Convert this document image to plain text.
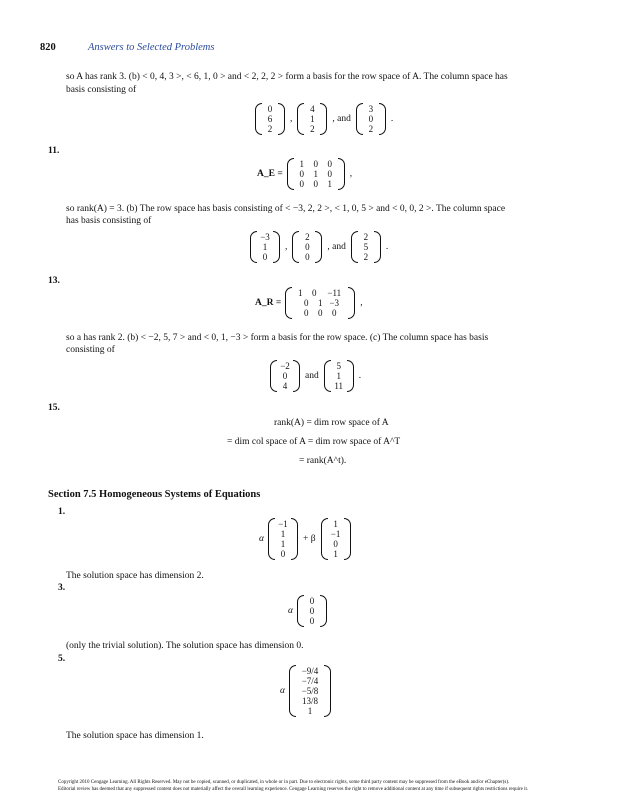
820	Answers to Selected Problems
so A has rank 3. (b) < 0, 4, 3 >, < 6, 1, 0 > and < 2, 2, 2 > form a basis for the row space of A. The column space has
basis consisting of
0
6
2
,
4
1
2
, and
3
0
2
.
11.
A_E =
1	0	0
0	1	0
0	0	1
,
so rank(A) = 3. (b) The row space has basis consisting of < −3, 2, 2 >, < 1, 0, 5 > and < 0, 0, 2 >. The column space
has basis consisting of
−3
1
0
,
2
0
0
, and
2
5
2
.
13.
A_R =
1	0	−11
0	1 −3
0	0	0
,
so a has rank 2. (b) < −2, 5, 7 > and < 0, 1, −3 > form a basis for the row space. (c) The column space has basis
consisting of
−2
0
4
and
5
1
11
.
15.
rank(A) = dim row space of A
= dim col space of A = dim row space of A^T
= rank(A^t).
Section 7.5 Homogeneous Systems of Equations
1.
α
−1
1
1
0
+ β
1
−1
0
1
The solution space has dimension 2.
3.
α
0
0
0
(only the trivial solution). The solution space has dimension 0.
5.
α
−9/4
−7/4
−5/8
13/8
1
The solution space has dimension 1.
Copyright 2010 Cengage Learning. All Rights Reserved. May not be copied, scanned, or duplicated, in whole or in part. Due to electronic rights, some third party content may be suppressed from the eBook and/or eChapter(s).
Editorial review has deemed that any suppressed content does not materially affect the overall learning experience. Cengage Learning reserves the right to remove additional content at any time if subsequent rights restrictions require it.
